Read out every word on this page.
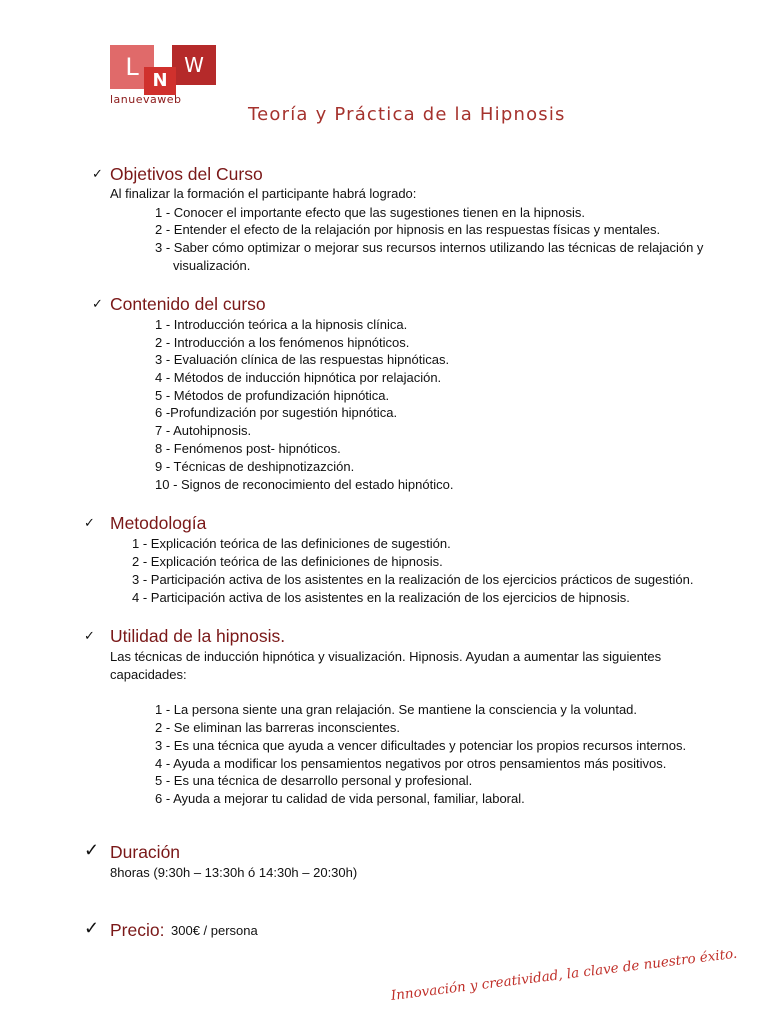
L	W
N
lanuevaweb
Teoría y Práctica de la Hipnosis
✓ Objetivos del Curso
Al finalizar la formación el participante habrá logrado:
1 - Conocer el importante efecto que las sugestiones tienen en la hipnosis.
2 - Entender el efecto de la relajación por hipnosis en las respuestas físicas y mentales.
3 - Saber cómo optimizar o mejorar sus recursos internos utilizando las técnicas de relajación y
visualización.
✓ Contenido del curso
1 - Introducción teórica a la hipnosis clínica.
2 - Introducción a los fenómenos hipnóticos.
3 - Evaluación clínica de las respuestas hipnóticas.
4 - Métodos de inducción hipnótica por relajación.
5 - Métodos de profundización hipnótica.
6 -Profundización por sugestión hipnótica.
7 - Autohipnosis.
8 - Fenómenos post- hipnóticos.
9 - Técnicas de deshipnotizazción.
10 - Signos de reconocimiento del estado hipnótico.
✓ Metodología
1 - Explicación teórica de las definiciones de sugestión.
2 - Explicación teórica de las definiciones de hipnosis.
3 - Participación activa de los asistentes en la realización de los ejercicios prácticos de sugestión.
4 - Participación activa de los asistentes en la realización de los ejercicios de hipnosis.
✓ Utilidad de la hipnosis.
Las técnicas de inducción hipnótica y visualización. Hipnosis. Ayudan a aumentar las siguientes
capacidades:
1 - La persona siente una gran relajación. Se mantiene la consciencia y la voluntad.
2 - Se eliminan las barreras inconscientes.
3 - Es una técnica que ayuda a vencer dificultades y potenciar los propios recursos internos.
4 - Ayuda a modificar los pensamientos negativos por otros pensamientos más positivos.
5 - Es una técnica de desarrollo personal y profesional.
6 - Ayuda a mejorar tu calidad de vida personal, familiar, laboral.
✓ Duración
8horas (9:30h – 13:30h ó 14:30h – 20:30h)
✓ Precio: 300€ / persona
Innovación y creatividad, la clave de nuestro éxito.
